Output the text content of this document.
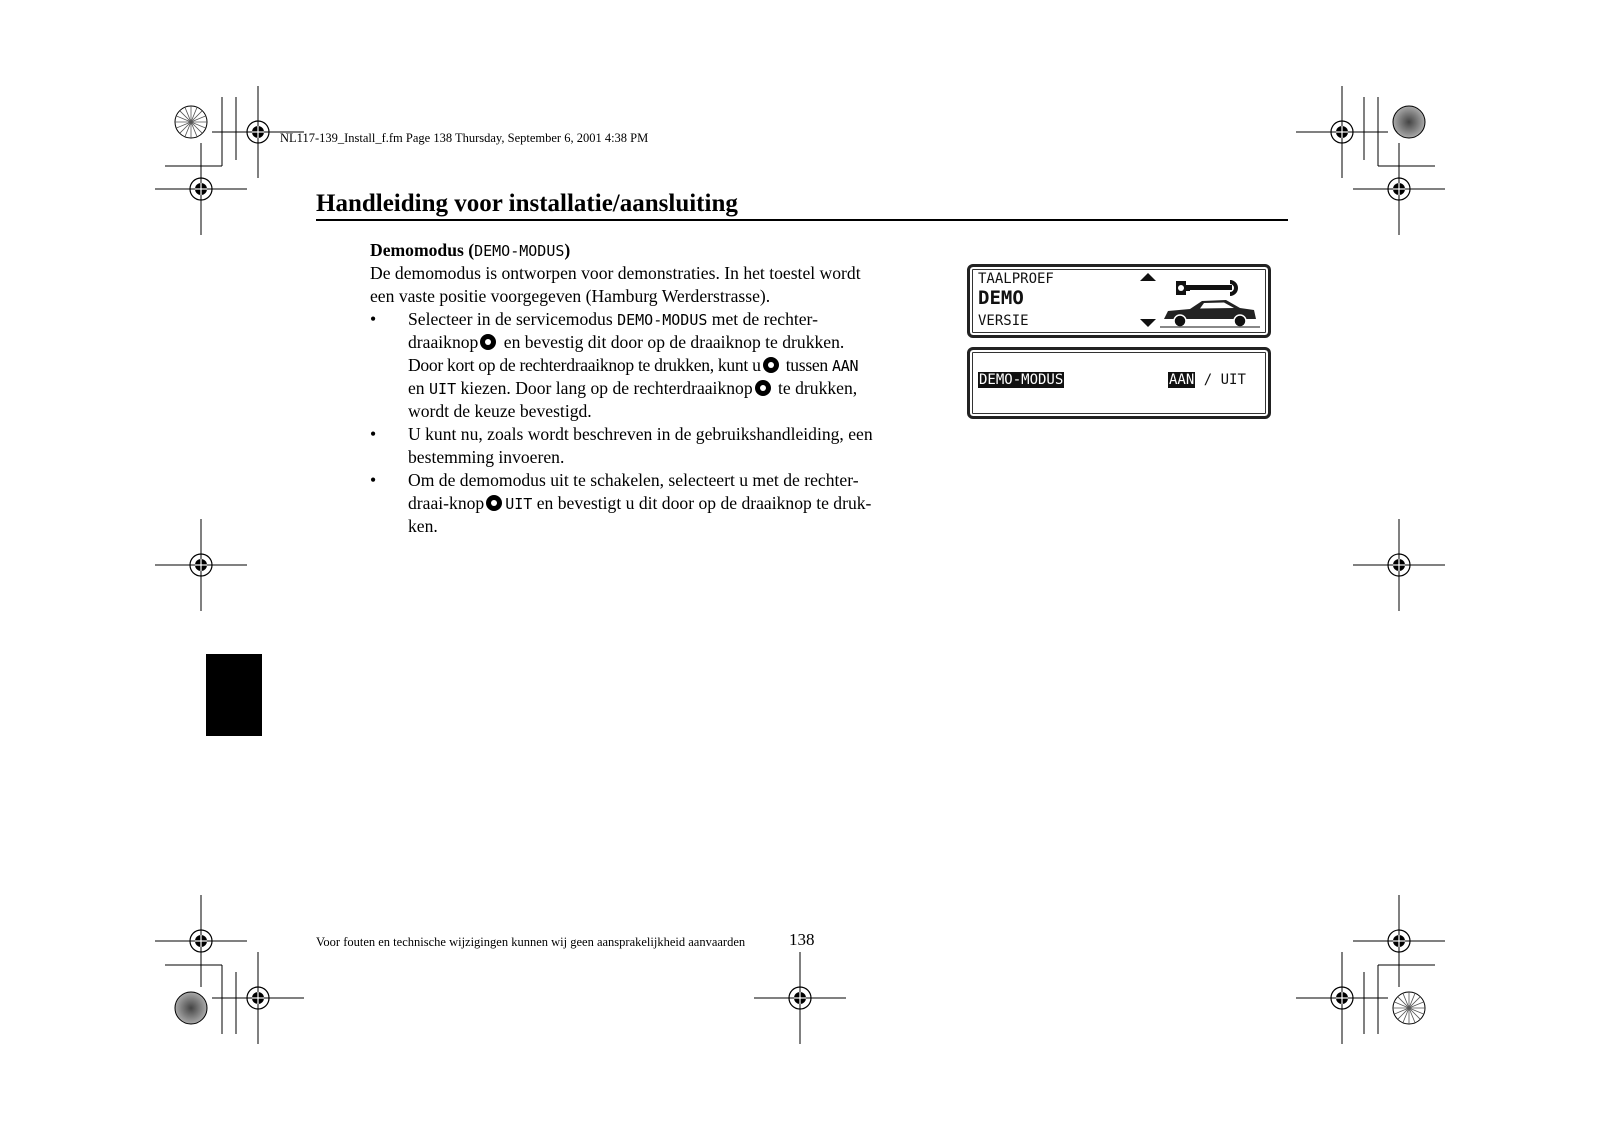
NL117-139_Install_f.fm Page 138 Thursday, September 6, 2001 4:38 PM
Handleiding voor installatie/aansluiting
Demomodus (DEMO-MODUS)
De demomodus is ontworpen voor demonstraties. In het toestel wordt
een vaste positie voorgegeven (Hamburg Werderstrasse).
• Selecteer in de servicemodus DEMO-MODUS met de rechter-
draaiknop en bevestig dit door op de draaiknop te drukken.
Door kort op de rechterdraaiknop te drukken, kunt u tussen AAN
en UIT kiezen. Door lang op de rechterdraaiknop te drukken,
wordt de keuze bevestigd.
• U kunt nu, zoals wordt beschreven in de gebruikshandleiding, een
bestemming invoeren.
• Om de demomodus uit te schakelen, selecteert u met de rechter-
draai-knop UIT en bevestigt u dit door op de draaiknop te druk-
ken.
TAALPROEF
DEMO
VERSIE
DEMO-MODUS	AAN / UIT
Voor fouten en technische wijzigingen kunnen wij geen aansprakelijkheid aanvaarden	138
